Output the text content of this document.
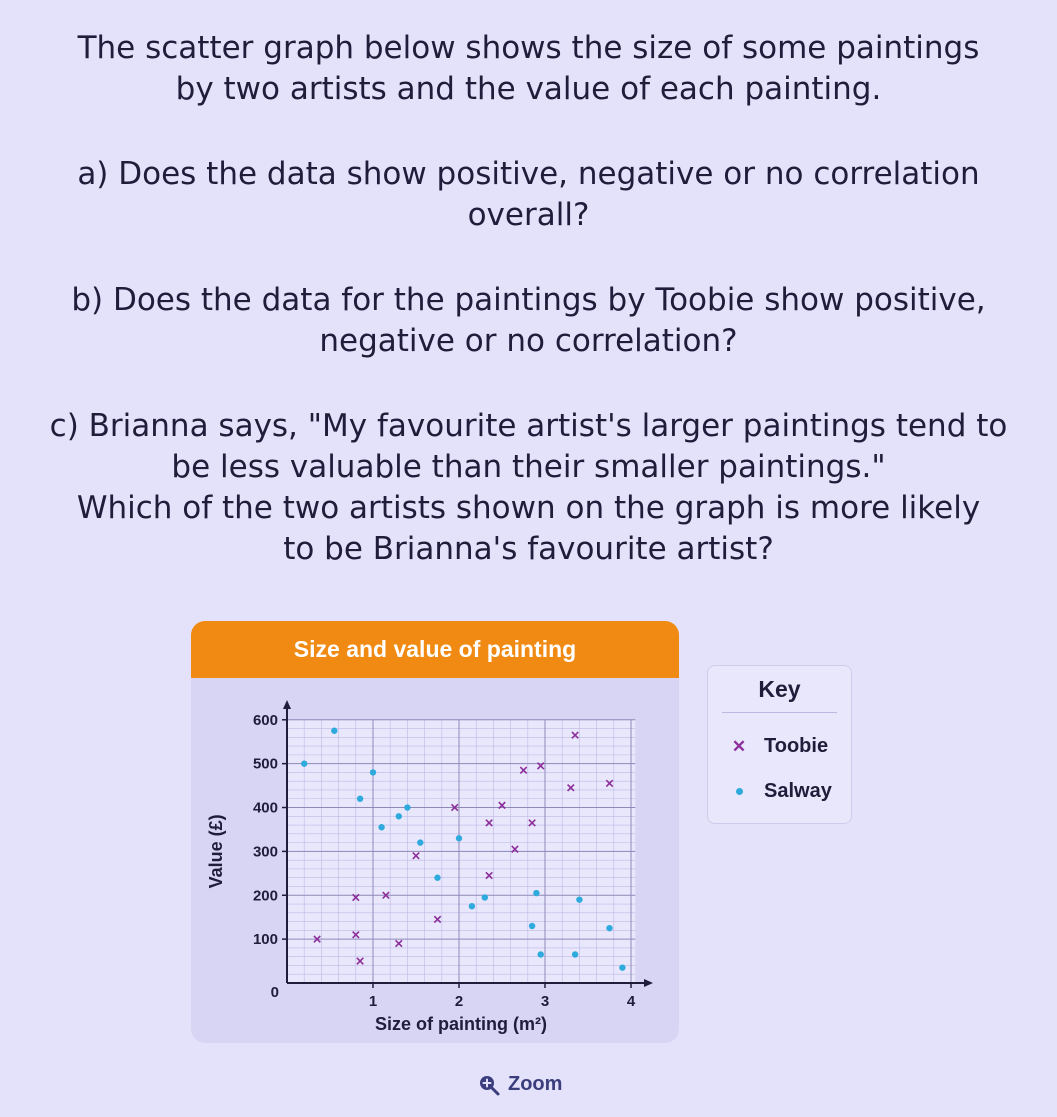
The scatter graph below shows the size of some paintings

by two artists and the value of each painting.

a) Does the data show positive, negative or no correlation

overall?

b) Does the data for the paintings by Toobie show positive,

negative or no correlation?

c) Brianna says, "My favourite artist's larger paintings tend to

be less valuable than their smaller paintings."

Which of the two artists shown on the graph is more likely

to be Brianna's favourite artist?

Size and value of painting
1	2	3	4
100
200
300
400
500
600
0
Size of painting (m²)
Value (£)
Key
✕ Toobie
Salway
Zoom
